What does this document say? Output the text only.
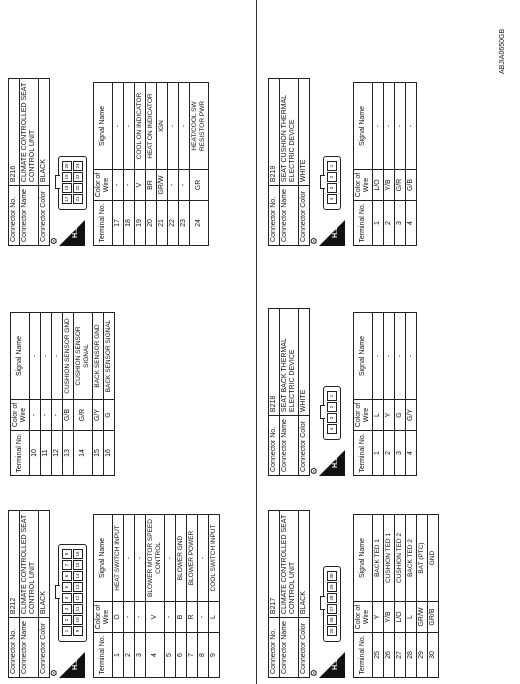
Connector No.	B212
Connector Name	CLIMATE CONTROLLED SEAT CONTROL UNIT
Connector Color	BLACK
⚙
H.S.
1
2
3
4
5
6
7
8
9
10
11
12
13
14
15
16
Terminal No.	Color of Wire	Signal Name
1	O	HEAT SWITCH INPUT
2	-	-
3	-	-
4	V	BLOWER MOTOR SPEED CONTROL
5	-	-
6	B	BLOWER GND
7	R	BLOWER POWER
8	-	-
9	L	COOL SWITCH INPUT
Terminal No.	Color of Wire	Signal Name
10	-	-
11	-	-
12	-	-
13	G/B	CUSHION SENSOR GND
14	G/R	CUSHION SENSOR SIGNAL
15	G/Y	BACK SENSOR GND
16	G	BACK SENSOR SIGNAL
Connector No.	B216
Connector Name	CLIMATE CONTROLLED SEAT CONTROL UNIT
Connector Color	BLACK
⚙
H.S.
17
18
19
20
21
22
23
24
Terminal No.	Color of Wire	Signal Name
17	-	-
18	-	-
19	V	COOL ON INDICATOR
20	BR	HEAT ON INDICATOR
21	GR/W	IGN
22	-	-
23	-	-
24	GR	HEAT/COOL SW RESISTOR PWR
Connector No.	B217
Connector Name	CLIMATE CONTROLLED SEAT CONTROL UNIT
Connector Color	BLACK
⚙
H.S.
25
26
27
28
29
30
Terminal No.	Color of Wire	Signal Name
25	Y	BACK TED 1
26	Y/B	CUSHION TED 1
27	L/O	CUSHION TED 2
28	L	BACK TED 2
29	GR/W	BAT (PTC)
30	GR/B	GND
Connector No.	B218
Connector Name	SEAT BACK THERMAL ELECTRIC DEVICE
Connector Color	WHITE
⚙
H.S.
4
3
2
1
Terminal No.	Color of Wire	Signal Name
1	L	-
2	Y	-
3	G	-
4	G/Y	-
Connector No.	B219
Connector Name	SEAT CUSHION THERMAL ELECTRIC DEVICE
Connector Color	WHITE
⚙
H.S.
4
3
2
1
Terminal No.	Color of Wire	Signal Name
1	L/O	-
2	Y/B	-
3	G/R	-
4	G/B	-
ABJIA0650GB
